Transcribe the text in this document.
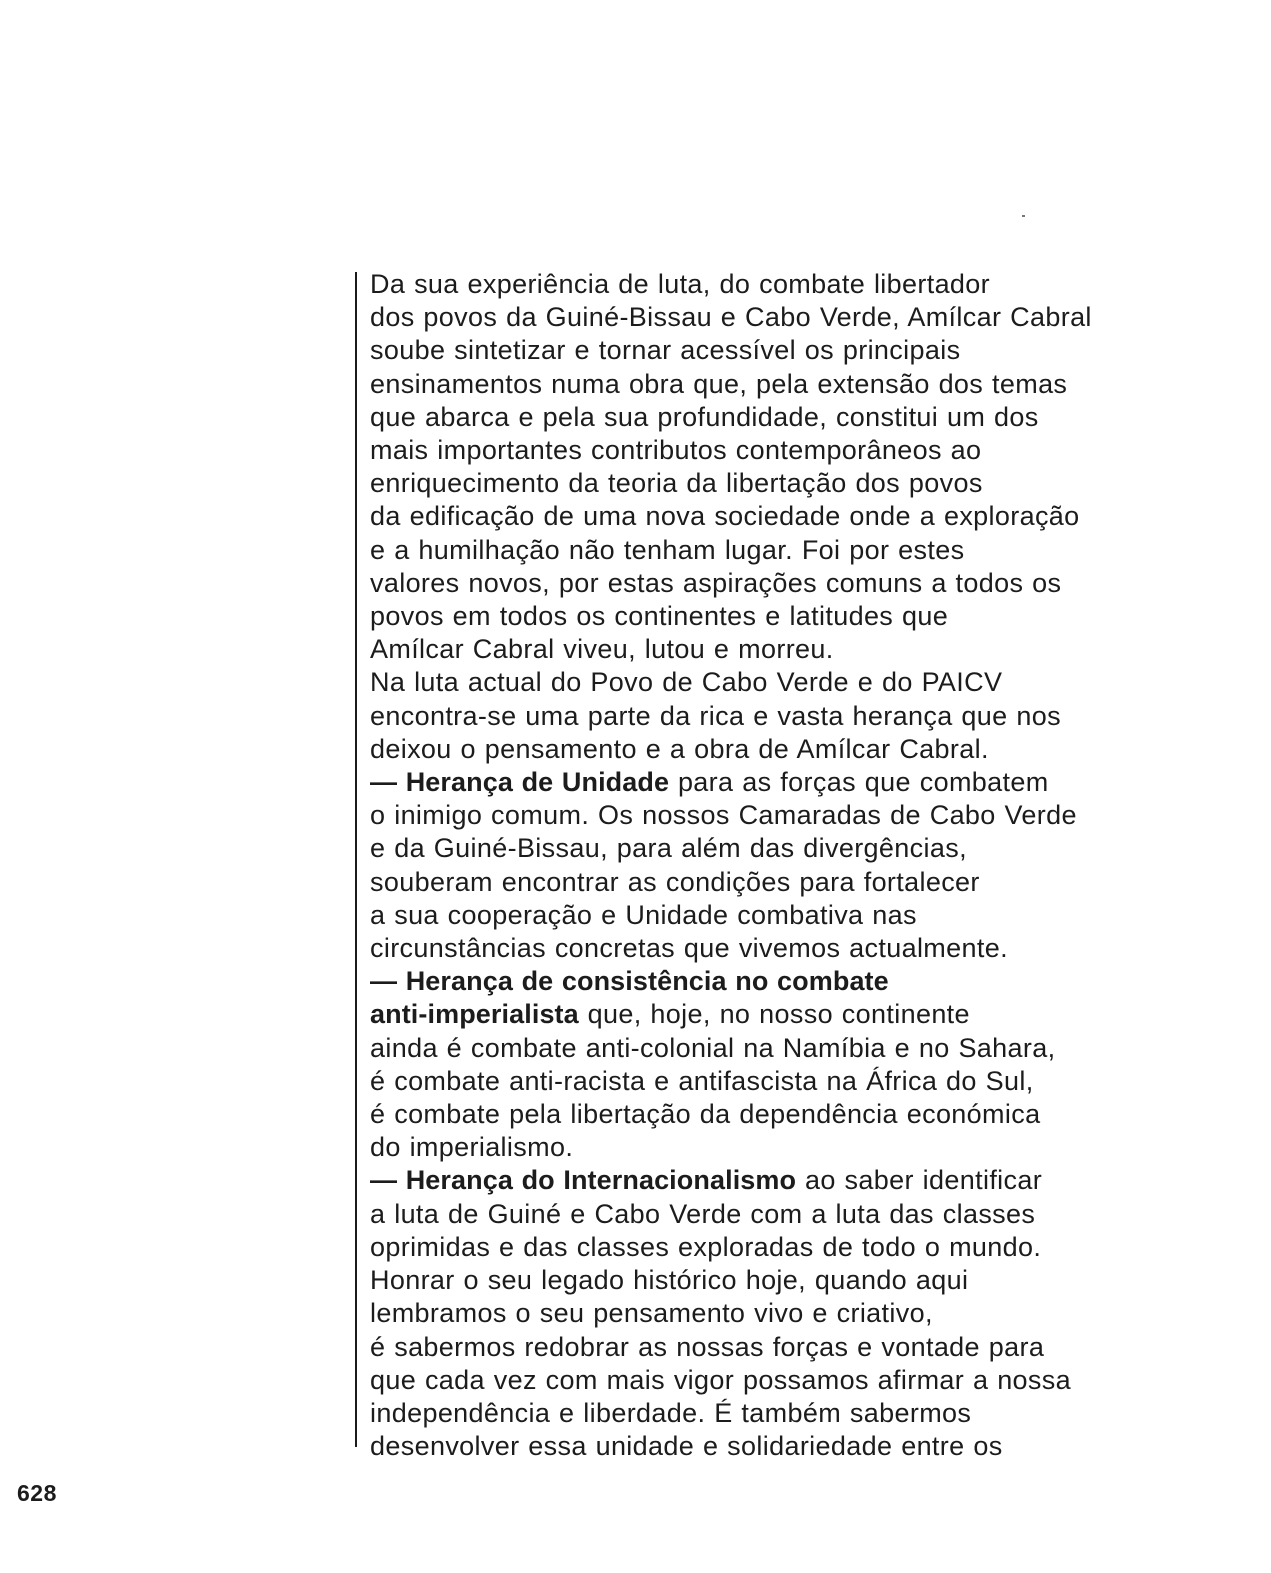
Da sua experiência de luta, do combate libertador
dos povos da Guiné-Bissau e Cabo Verde, Amílcar Cabral
soube sintetizar e tornar acessível os principais
ensinamentos numa obra que, pela extensão dos temas
que abarca e pela sua profundidade, constitui um dos
mais importantes contributos contemporâneos ao
enriquecimento da teoria da libertação dos povos
da edificação de uma nova sociedade onde a exploração
e a humilhação não tenham lugar. Foi por estes
valores novos, por estas aspirações comuns a todos os
povos em todos os continentes e latitudes que
Amílcar Cabral viveu, lutou e morreu.
Na luta actual do Povo de Cabo Verde e do PAICV
encontra-se uma parte da rica e vasta herança que nos
deixou o pensamento e a obra de Amílcar Cabral.
— Herança de Unidade para as forças que combatem
o inimigo comum. Os nossos Camaradas de Cabo Verde
e da Guiné-Bissau, para além das divergências,
souberam encontrar as condições para fortalecer
a sua cooperação e Unidade combativa nas
circunstâncias concretas que vivemos actualmente.
— Herança de consistência no combate
anti-imperialista que, hoje, no nosso continente
ainda é combate anti-colonial na Namíbia e no Sahara,
é combate anti-racista e antifascista na África do Sul,
é combate pela libertação da dependência económica
do imperialismo.
— Herança do Internacionalismo ao saber identificar
a luta de Guiné e Cabo Verde com a luta das classes
oprimidas e das classes exploradas de todo o mundo.
Honrar o seu legado histórico hoje, quando aqui
lembramos o seu pensamento vivo e criativo,
é sabermos redobrar as nossas forças e vontade para
que cada vez com mais vigor possamos afirmar a nossa
independência e liberdade. É também sabermos
desenvolver essa unidade e solidariedade entre os
628
